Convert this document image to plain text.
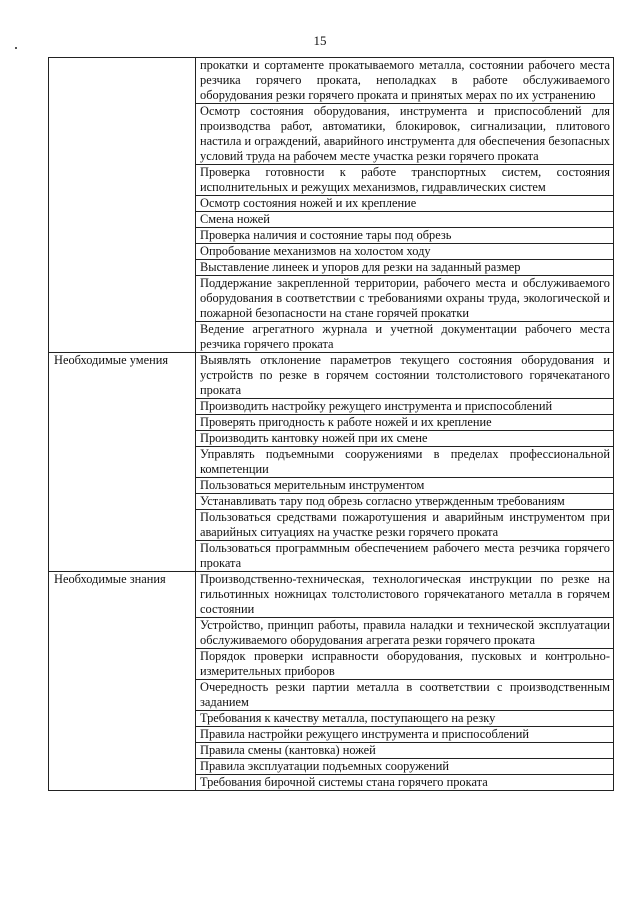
15
	прокатки и сортаменте прокатываемого металла, состоянии рабочего места резчика горячего проката, неполадках в работе обслуживаемого оборудования резки горячего проката и принятых мерах по их устранению
	Осмотр состояния оборудования, инструмента и приспособлений для производства работ, автоматики, блокировок, сигнализации, плитового настила и ограждений, аварийного инструмента для обеспечения безопасных условий труда на рабочем месте участка резки горячего проката
	Проверка готовности к работе транспортных систем, состояния исполнительных и режущих механизмов, гидравлических систем
	Осмотр состояния ножей и их крепление
	Смена ножей
	Проверка наличия и состояние тары под обрезь
	Опробование механизмов на холостом ходу
	Выставление линеек и упоров для резки на заданный размер
	Поддержание закрепленной территории, рабочего места и обслуживаемого оборудования в соответствии с требованиями охраны труда, экологической и пожарной безопасности на стане горячей прокатки
	Ведение агрегатного журнала и учетной документации рабочего места резчика горячего проката
Необходимые умения	Выявлять отклонение параметров текущего состояния оборудования и устройств по резке в горячем состоянии толстолистового горячекатаного проката
	Производить настройку режущего инструмента и приспособлений
	Проверять пригодность к работе ножей и их крепление
	Производить кантовку ножей при их смене
	Управлять подъемными сооружениями в пределах профессиональной компетенции
	Пользоваться мерительным инструментом
	Устанавливать тару под обрезь согласно утвержденным требованиям
	Пользоваться средствами пожаротушения и аварийным инструментом при аварийных ситуациях на участке резки горячего проката
	Пользоваться программным обеспечением рабочего места резчика горячего проката
Необходимые знания	Производственно-техническая, технологическая инструкции по резке на гильотинных ножницах толстолистового горячекатаного металла в горячем состоянии
	Устройство, принцип работы, правила наладки и технической эксплуатации обслуживаемого оборудования агрегата резки горячего проката
	Порядок проверки исправности оборудования, пусковых и контрольно-измерительных приборов
	Очередность резки партии металла в соответствии с производственным заданием
	Требования к качеству металла, поступающего на резку
	Правила настройки режущего инструмента и приспособлений
	Правила смены (кантовка) ножей
	Правила эксплуатации подъемных сооружений
	Требования бирочной системы стана горячего проката
